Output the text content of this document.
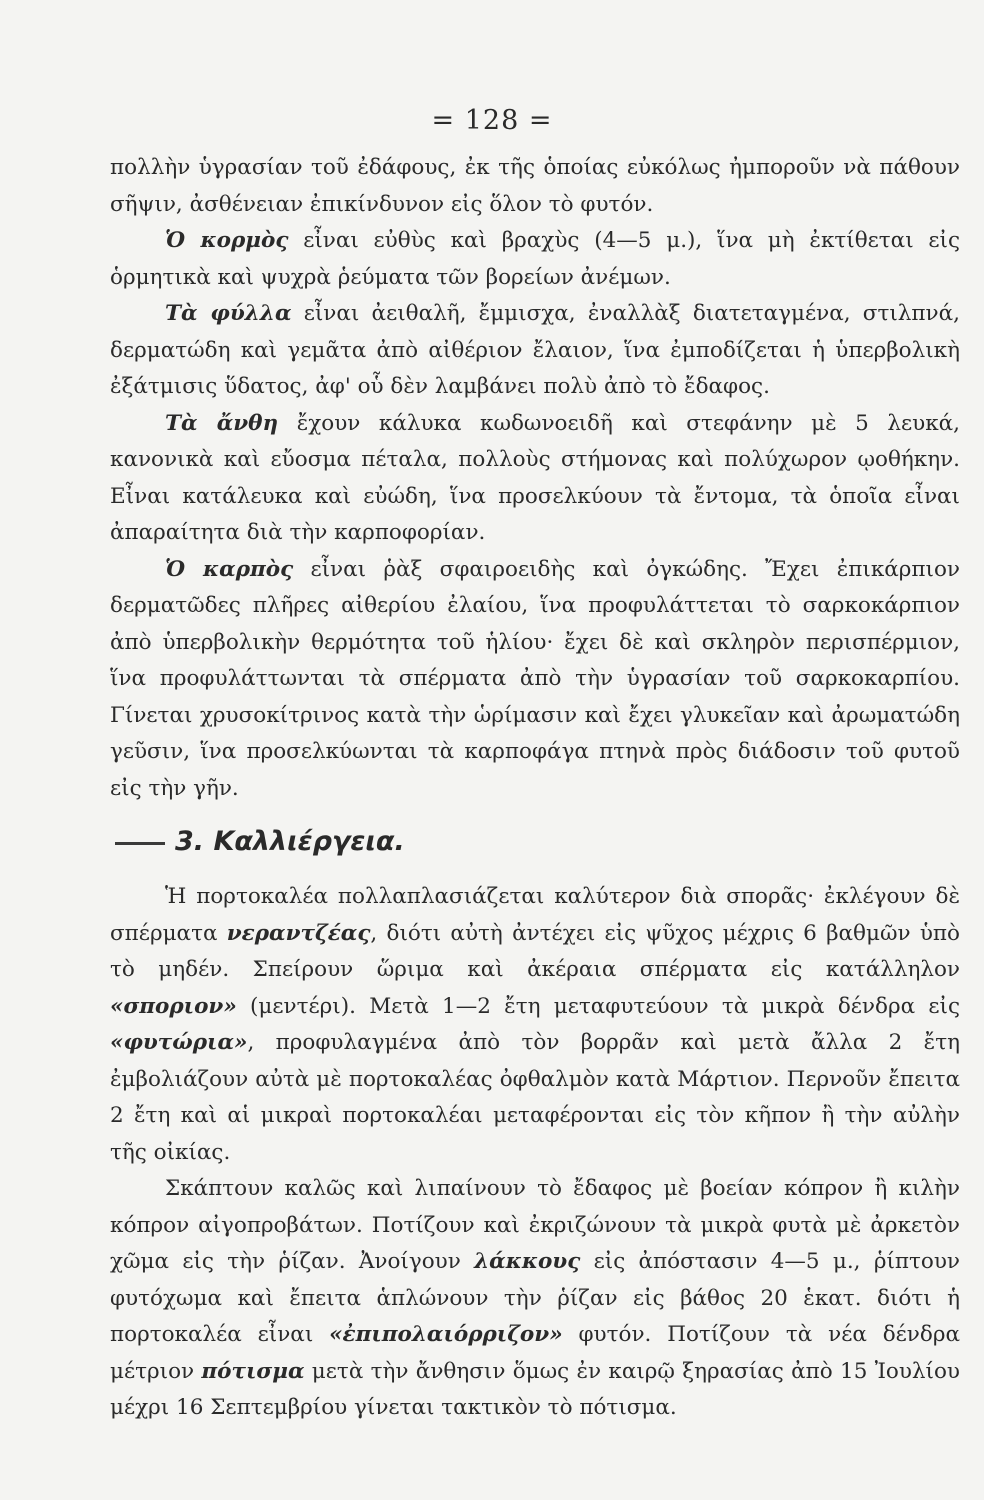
= 128 =

πολλὴν ὑγρασίαν τοῦ ἐδάφους, ἐκ τῆς ὁποίας εὐκόλως ἠμποροῦν νὰ πάθουν σῆψιν, ἀσθένειαν ἐπικίνδυνον εἰς ὅλον τὸ φυτόν.

Ὁ κορμὸς εἶναι εὐθὺς καὶ βραχὺς (4—5 μ.), ἵνα μὴ ἐκτίθεται εἰς ὁρμητικὰ καὶ ψυχρὰ ῥεύματα τῶν βορείων ἀνέμων.

Τὰ φύλλα εἶναι ἀειθαλῆ, ἔμμισχα, ἐναλλὰξ διατεταγμένα, στιλπνά, δερματώδη καὶ γεμᾶτα ἀπὸ αἰθέριον ἔλαιον, ἵνα ἐμποδίζεται ἡ ὑπερβολικὴ ἐξάτμισις ὕδατος, ἀφ' οὗ δὲν λαμβάνει πολὺ ἀπὸ τὸ ἔδαφος.

Τὰ ἄνθη ἔχουν κάλυκα κωδωνοειδῆ καὶ στεφάνην μὲ 5 λευκά, κανονικὰ καὶ εὔοσμα πέταλα, πολλοὺς στήμονας καὶ πολύχωρον ῳοθήκην. Εἶναι κατάλευκα καὶ εὐώδη, ἵνα προσελκύουν τὰ ἔντομα, τὰ ὁποῖα εἶναι ἀπαραίτητα διὰ τὴν καρποφορίαν.

Ὁ καρπὸς εἶναι ῥὰξ σφαιροειδὴς καὶ ὀγκώδης. Ἔχει ἐπικάρπιον δερματῶδες πλῆρες αἰθερίου ἐλαίου, ἵνα προφυλάττεται τὸ σαρκοκάρπιον ἀπὸ ὑπερβολικὴν θερμότητα τοῦ ἡλίου· ἔχει δὲ καὶ σκληρὸν περισπέρμιον, ἵνα προφυλάττωνται τὰ σπέρματα ἀπὸ τὴν ὑγρασίαν τοῦ σαρκοκαρπίου. Γίνεται χρυσοκίτρινος κατὰ τὴν ὡρίμασιν καὶ ἔχει γλυκεῖαν καὶ ἀρωματώδη γεῦσιν, ἵνα προσελκύωνται τὰ καρποφάγα πτηνὰ πρὸς διάδοσιν τοῦ φυτοῦ εἰς τὴν γῆν.

3. Καλλιέργεια.

Ἡ πορτοκαλέα πολλαπλασιάζεται καλύτερον διὰ σπορᾶς· ἐκλέγουν δὲ σπέρματα νεραντζέας, διότι αὐτὴ ἀντέχει εἰς ψῦχος μέχρις 6 βαθμῶν ὑπὸ τὸ μηδέν. Σπείρουν ὥριμα καὶ ἀκέραια σπέρματα εἰς κατάλληλον «σποριον» (μεντέρι). Μετὰ 1—2 ἔτη μεταφυτεύουν τὰ μικρὰ δένδρα εἰς «φυτώρια», προφυλαγμένα ἀπὸ τὸν βορρᾶν καὶ μετὰ ἄλλα 2 ἔτη ἐμβολιάζουν αὐτὰ μὲ πορτοκαλέας ὀφθαλμὸν κατὰ Μάρτιον. Περνοῦν ἔπειτα 2 ἔτη καὶ αἱ μικραὶ πορτοκαλέαι μεταφέρονται εἰς τὸν κῆπον ἢ τὴν αὐλὴν τῆς οἰκίας.

Σκάπτουν καλῶς καὶ λιπαίνουν τὸ ἔδαφος μὲ βοείαν κόπρον ἢ κιλὴν κόπρον αἰγοπροβάτων. Ποτίζουν καὶ ἐκριζώνουν τὰ μικρὰ φυτὰ μὲ ἀρκετὸν χῶμα εἰς τὴν ῥίζαν. Ἀνοίγουν λάκκους εἰς ἀπόστασιν 4—5 μ., ῥίπτουν φυτόχωμα καὶ ἔπειτα ἁπλώνουν τὴν ῥίζαν εἰς βάθος 20 ἑκατ. διότι ἡ πορτοκαλέα εἶναι «ἐπιπολαιόρριζον» φυτόν. Ποτίζουν τὰ νέα δένδρα μέτριον πότισμα μετὰ τὴν ἄνθησιν ὅμως ἐν καιρῷ ξηρασίας ἀπὸ 15 Ἰουλίου μέχρι 16 Σεπτεμβρίου γίνεται τακτικὸν τὸ πότισμα.
